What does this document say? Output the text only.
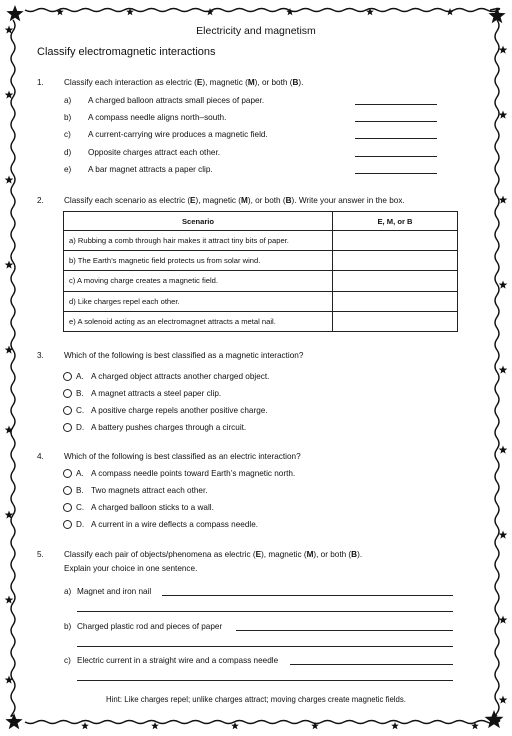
Electricity and magnetism
Classify electromagnetic interactions
1. Classify each interaction as electric (E), magnetic (M), or both (B).
2. Classify each scenario as electric (E), magnetic (M), or both (B). Write your answer in the box.
Scenario	E, M, or B
a) Rubbing a comb through hair makes it attract tiny bits of paper.	
b) The Earth’s magnetic field protects us from solar wind.	
c) A moving charge creates a magnetic field.	
d) Like charges repel each other.	
e) A solenoid acting as an electromagnet attracts a metal nail.	
3. Which of the following is best classified as a magnetic interaction?
4. Which of the following is best classified as an electric interaction?
5. Classify each pair of objects/phenomena as electric (E), magnetic (M), or both (B).
Explain your choice in one sentence.
Hint: Like charges repel; unlike charges attract; moving charges create magnetic fields.
a) A charged balloon attracts small pieces of paper.
b) A compass needle aligns north–south.
c) A current-carrying wire produces a magnetic field.
d) Opposite charges attract each other.
e) A bar magnet attracts a paper clip.
A. A charged object attracts another charged object.
B. A magnet attracts a steel paper clip.
C. A positive charge repels another positive charge.
D. A battery pushes charges through a circuit.
A. A compass needle points toward Earth’s magnetic north.
B. Two magnets attract each other.
C. A charged balloon sticks to a wall.
D. A current in a wire deflects a compass needle.
a) Magnet and iron nail
b) Charged plastic rod and pieces of paper
c) Electric current in a straight wire and a compass needle
